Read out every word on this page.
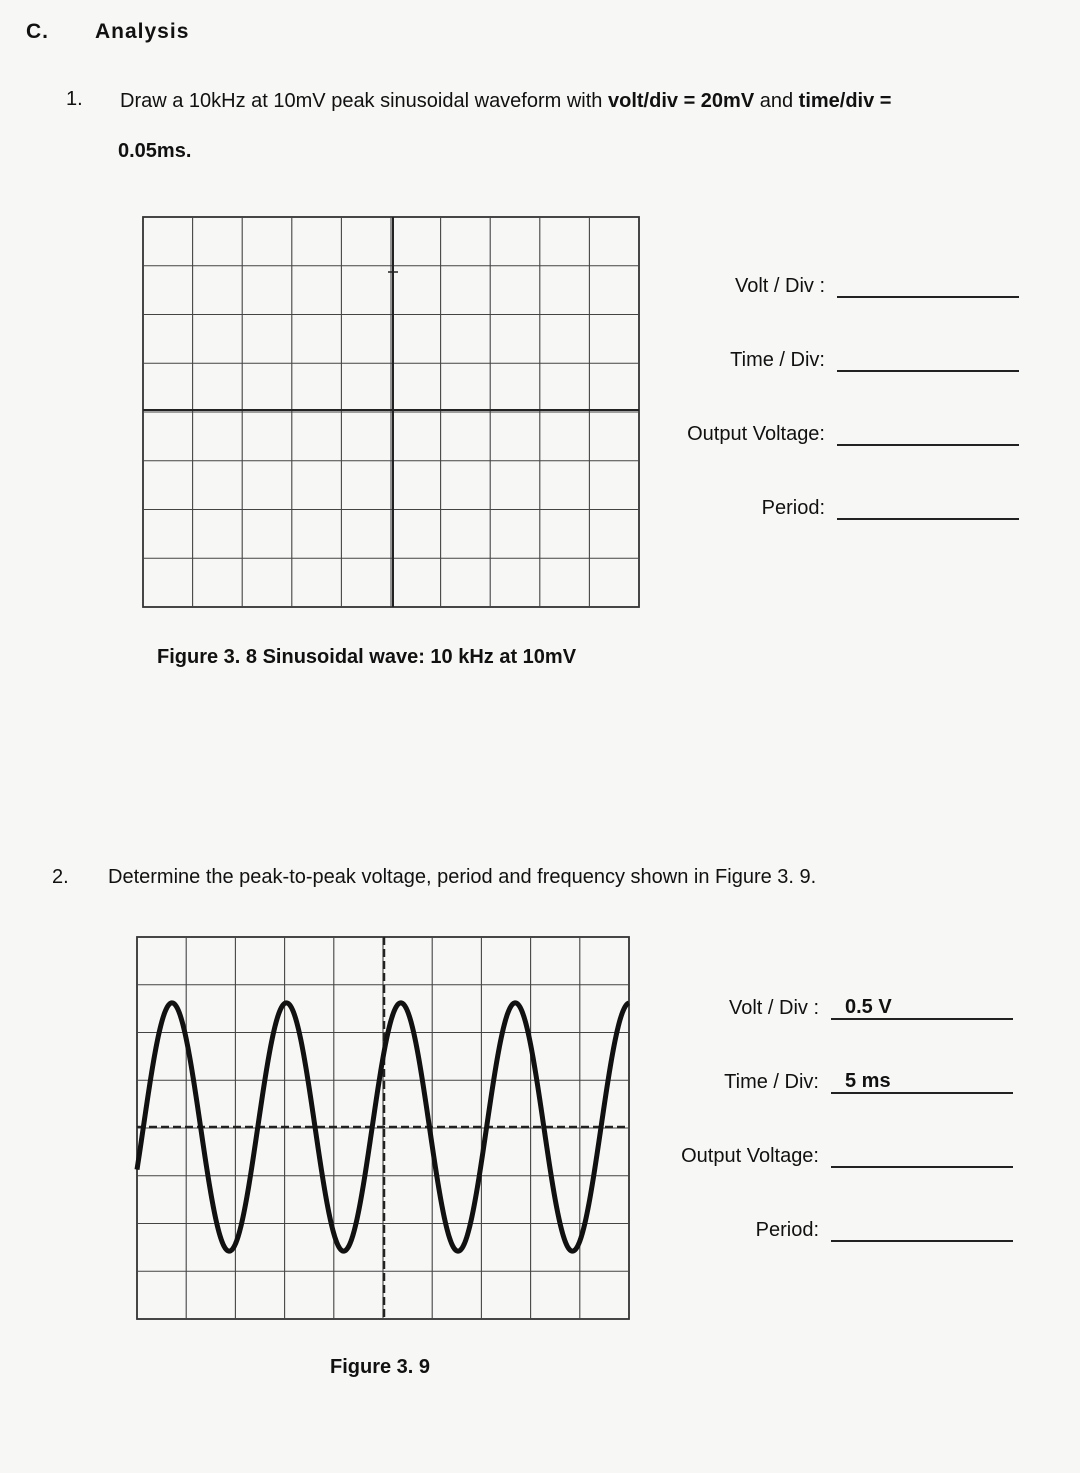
C. Analysis
1. Draw a 10kHz at 10mV peak sinusoidal waveform with volt/div = 20mV and time/div =
0.05ms.
Volt / Div :
Time / Div:
Output Voltage:
Period:
Figure 3. 8 Sinusoidal wave: 10 kHz at 10mV
2. Determine the peak-to-peak voltage, period and frequency shown in Figure 3. 9.
Volt / Div :	0.5 V
Time / Div:	5 ms
Output Voltage:
Period:
Figure 3. 9
